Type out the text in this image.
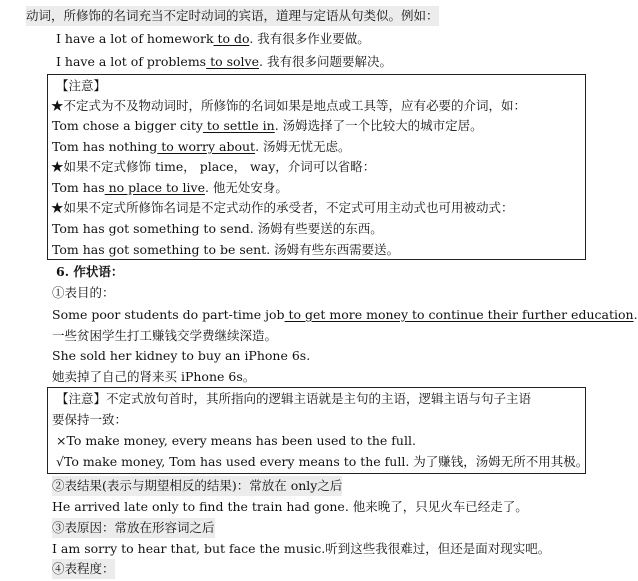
动词，所修饰的名词充当不定时动词的宾语，道理与定语从句类似。例如：
I have a lot of homework to do. 我有很多作业要做。
I have a lot of problems to solve. 我有很多问题要解决。
【注意】
★不定式为不及物动词时，所修饰的名词如果是地点或工具等，应有必要的介词，如：
Tom chose a bigger city to settle in. 汤姆选择了一个比较大的城市定居。
Tom has nothing to worry about. 汤姆无忧无虑。
★如果不定式修饰 time， place， way，介词可以省略：
Tom has no place to live. 他无处安身。
★如果不定式所修饰名词是不定式动作的承受者，不定式可用主动式也可用被动式：
Tom has got something to send. 汤姆有些要送的东西。
Tom has got something to be sent. 汤姆有些东西需要送。
6. 作状语：
①表目的：
Some poor students do part-time job to get more money to continue their further education.
一些贫困学生打工赚钱交学费继续深造。
She sold her kidney to buy an iPhone 6s.
她卖掉了自己的肾来买 iPhone 6s。
【注意】不定式放句首时，其所指向的逻辑主语就是主句的主语，逻辑主语与句子主语
要保持一致：
×To make money, every means has been used to the full.
√To make money, Tom has used every means to the full. 为了赚钱，汤姆无所不用其极。
②表结果(表示与期望相反的结果)：常放在 only之后
He arrived late only to find the train had gone. 他来晚了，只见火车已经走了。
③表原因：常放在形容词之后
I am sorry to hear that, but face the music.听到这些我很难过，但还是面对现实吧。
④表程度：
